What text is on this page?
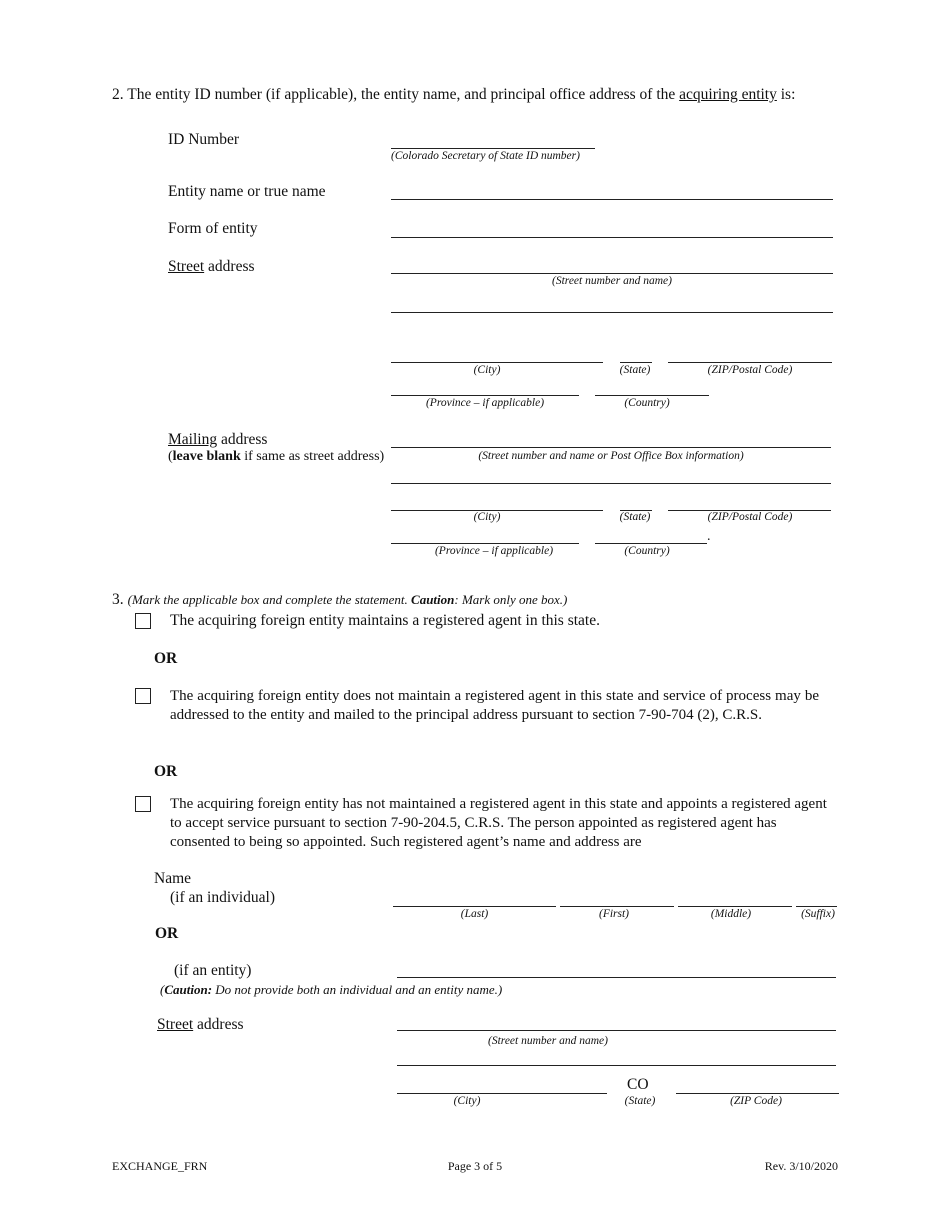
2. The entity ID number (if applicable), the entity name, and principal office address of the acquiring entity is:
ID Number
(Colorado Secretary of State ID number)
Entity name or true name
Form of entity
Street address
(Street number and name)
(City)	(State)	(ZIP/Postal Code)
(Province – if applicable)	(Country)
Mailing address
(leave blank if same as street address)	(Street number and name or Post Office Box information)
(City)	(State)	(ZIP/Postal Code)
.
(Province – if applicable)	(Country)
3. (Mark the applicable box and complete the statement. Caution: Mark only one box.)
The acquiring foreign entity maintains a registered agent in this state.
OR
The acquiring foreign entity does not maintain a registered agent in this state and service of process may be addressed to the entity and mailed to the principal address pursuant to section 7-90-704 (2), C.R.S.
OR
The acquiring foreign entity has not maintained a registered agent in this state and appoints a registered agent to accept service pursuant to section 7-90-204.5, C.R.S. The person appointed as registered agent has consented to being so appointed. Such registered agent’s name and address are
Name
(if an individual)
(Last)	(First)	(Middle)	(Suffix)
OR
(if an entity)
(Caution: Do not provide both an individual and an entity name.)
Street address
(Street number and name)
CO
(City)	(State)	(ZIP Code)
EXCHANGE_FRN	Page 3 of 5	Rev. 3/10/2020
